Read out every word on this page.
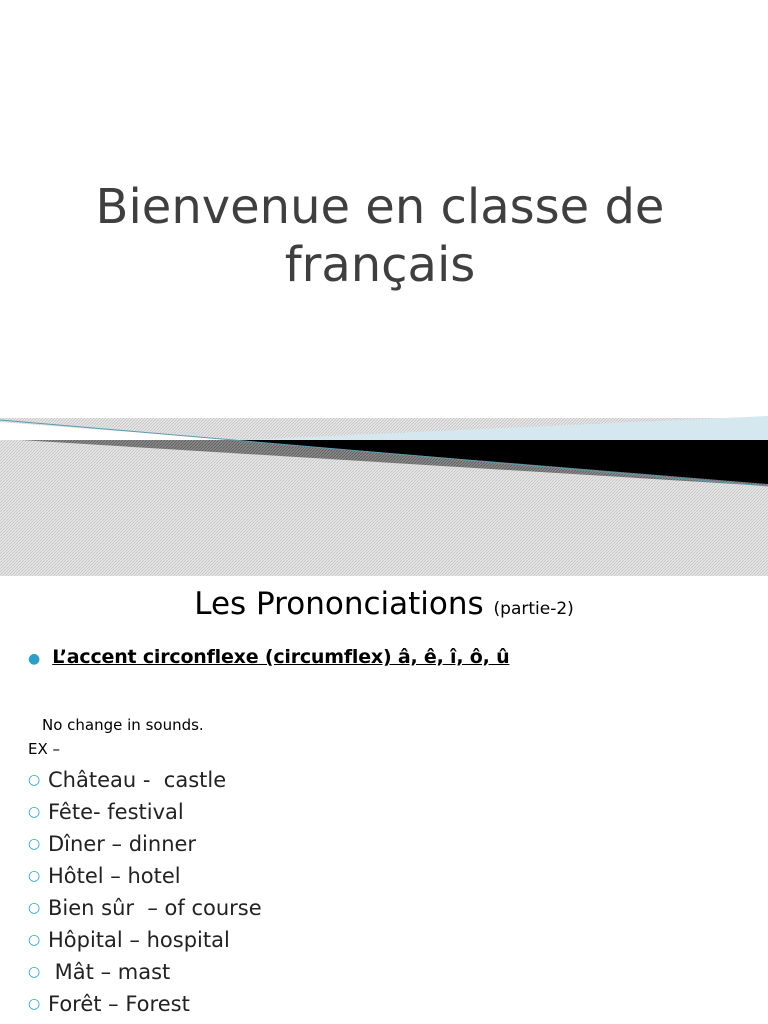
Bienvenue en classe de
français
Les Prononciations (partie-2)
● L’accent circonflexe (circumflex) â, ê, î, ô, û
No change in sounds.
EX –
○ Château -  castle
○ Fête- festival
○ Dîner – dinner
○ Hôtel – hotel
○ Bien sûr  – of course
○ Hôpital – hospital
○ Mât – mast
○ Forêt – Forest
